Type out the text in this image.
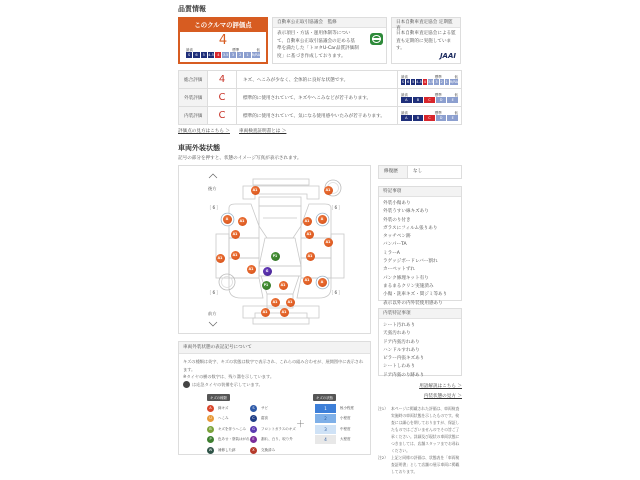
品質情報
このクルマの評価点
4
最高	標準	低
S	6	5 4.5 4 3.5 3	2	1 R/RA
自動車公正取引協議会　監修
表示項目・方法・運用体制等について、自動車公正取引協議会の定める基準を満たした「トヨタU-Car品質評価制度」に基づき作成しております。
日本自動車査定協会 定期監査
日本自動車査定協会による監査も定期的に実施しています。
JAAI
総合評価	4	キズ、へこみが少なく、全体的に良好な状態です。	
最高	標準	低
S 6 5 4.5 4 3.5 3 2 1 R/RA

外装評価	C	標準的に使用されていて、キズやへこみなどが若干あります。	
最高	標準	低
A	B	C	D	E

内装評価	C	標準的に使用されていて、気になる使用感やいたみが若干あります。	
最高	標準	低
A	B	C	D	E
評価点の見方はこちら ＞ 車両検査証明書とは ＞
車両外装状態
記号の部分を押すと、状態のイメージ写真が表示されます。
後方
前方
［ 6 ］	［ 6 ］
［ 6 ］	［ 6 ］
A1	A1
A	A1
A1
A1	A
A1
A1
A1
A1	P1	A1
A1	G
P1	A1
A1	A
A1	A1
A1	A1
車両外装状態の表記記号について
キズの種類は英字、キズの状態は数字で表示され、これらの組み合わせが、展開図中に表示されます。
※タイヤの横の数字は、残り溝を示しています。
は応急タイヤの装備を示しています。
キズの種類
A	線キズ
U	へこみ
B	キズを伴うへこみ
P	色あせ・塗装はがれ
W	補修した跡
S	サビ
C	腐食
G	フロントガラスのキズ
E	割れ、凸り、取り外
X	交換済み
＋
キズの状態
1	極小程度
2	小程度
3	中程度
4	大程度
修復歴	なし
特記事項
外装小傷あり
外装うすい線キズあり
外装のり付き
ガラスにフィルム張りあり
タッチペン跡
バンパーTA
ミラーA
ラゲッジボードレバー割れ
カーペットずれ
パンク修理キット有り
まるまるクリン実施済み
小傷・洗車キズ・間ジミ等あり
表示以外の内外装使用感あり
内装特記事項
シート汚れあり
天張汚れあり
ドア内張汚れあり
ハンドルすれあり
ピラー内張キズあり
シートしわあり
ドア内張のり跡あり
用語解説はこちら ＞
内装状態の見方 ＞
注1） 本ページに掲載された評価は、車両検査実施時の車両状態を示したものです。検査には細心を期しておりますが、保証したものではございませんのでその旨ご了承ください。詳細及び現状の車両状態につきましては、店舗スタッフまでお尋ねください。
注2） 上記と同様の評価は、状態表を「車両検査証明書」として店舗の展示車両に掲載しております。
